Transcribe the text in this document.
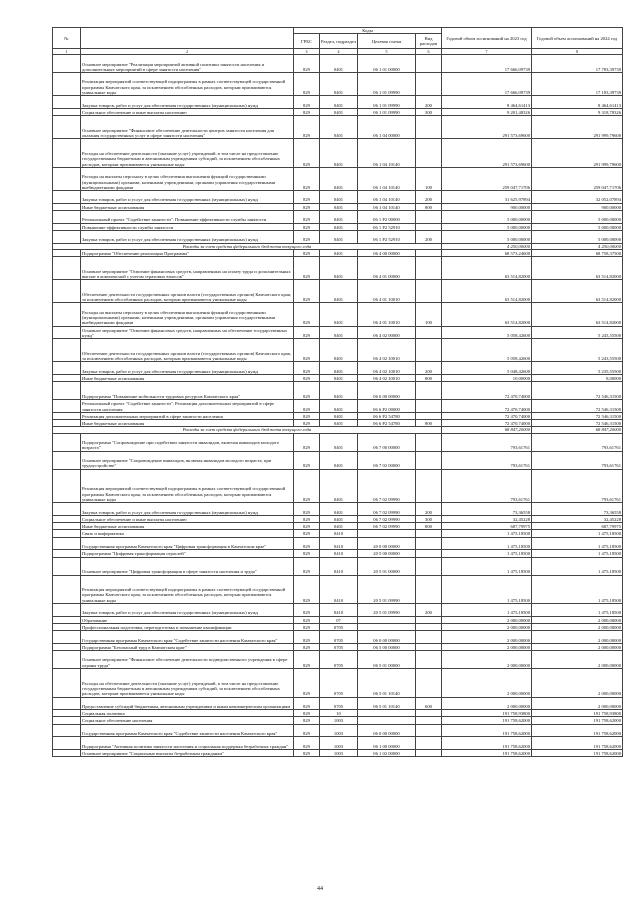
№		Коды				Годовой объем ассигнований на 2023 год	Годовой объем ассигнований на 2024 год
		ГРБС	Раздел, подраздел	Целевая статья	Вид расходов		
1	2	3	4	5	6	7	8
	Основное мероприятие "Реализация мероприятий активной политики занятости населения и дополнительных мероприятий в сфере занятости населения"	829	0401	06 1 01 00000		17 666,09739	17 783,39739
	Реализация мероприятий соответствующей подпрограммы в рамках соответствующей государственной программы Камчатского края, за исключением обособленных расходов, которым присваиваются уникальные коды	829	0401	06 1 01 09990		17 666,09739	17 183,39739
	Закупка товаров, работ и услуг для обеспечения государственных (муниципальных) нужд	829	0401	06 1 01 09990	200	8 464,61413	8 464,61413
	Социальное обеспечение и иные выплаты населению	829	0401	06 1 01 09990	300	9 201,48326	9 318,78326
	Основное мероприятие "Финансовое обеспечение деятельности центров занятости населения для оказания государственных услуг в сфере занятости населения"	829	0401	06 1 04 00000		291 573,69600	291 999,79600
	Расходы на обеспечение деятельности (оказание услуг) учреждений, в том числе на предоставление государственным бюджетным и автономным учреждениям субсидий, за исключением обособленных расходов, которым присваиваются уникальные коды	829	0401	06 1 04 10140		291 573,69600	291 999,79600
	Расходы на выплаты персоналу в целях обеспечения выполнения функций государственными (муниципальными) органами, казенными учреждениями, органами управления государственными внебюджетными фондами	829	0401	06 1 04 10140	100	259 047,71706	259 047,71706
	Закупка товаров, работ и услуг для обеспечения государственных (муниципальных) нужд	829	0401	06 1 04 10140	200	31 625,97894	32 052,07894
	Иные бюджетные ассигнования	829	0401	06 1 04 10140	800	900,00000	900,00000
	Региональный проект "Содействие занятости". Повышение эффективности службы занятости	829	0401	06 1 P2 00000		5 000,00000	5 000,00000
	Повышение эффективности службы занятости	829	0401	06 1 P2 52910		5 000,00000	5 000,00000
	Закупка товаров, работ и услуг для обеспечения государственных (муниципальных) нужд	829	0401	06 1 P2 52910	200	5 000,00000	5 000,00000
Расходы за счет средств федерального бюджета текущего года						4 250,00000	4 250,00000
	Подпрограмма "Обеспечение реализации Программы"	829	0401	06 4 00 00000		68 573,24600	68 758,37500
	Основное мероприятие "Освоение финансовых средств, направленных на оплату труда и дополнительных выплат в комплексной с учетом страховых взносов"	829	0401	06 4 01 00000		63 514,82000	63 514,82000
	Обеспечение деятельности государственных органов власти (государственных органов) Камчатского края, за исключением обособленных расходов, которым присваиваются уникальные коды	829	0401	06 4 01 10010		63 514,82000	63 514,82000
	Расходы на выплаты персоналу в целях обеспечения выполнения функций государственными (муниципальными) органами, казенными учреждениями, органами управления государственными внебюджетными фондами	829	0401	06 4 01 10010	100	63 514,82000	63 514,82000
	Основное мероприятие "Освоение финансовых средств, направленных на обеспечение государственных нужд"	829	0401	06 4 02 00000		5 058,42600	5 243,55500
	Обеспечение деятельности государственных органов власти (государственных органов) Камчатского края, за исключением обособленных расходов, которым присваиваются уникальные коды	829	0401	06 4 02 10010		5 058,42600	5 243,55500
	Закупка товаров, работ и услуг для обеспечения государственных (муниципальных) нужд	829	0401	06 4 02 10010	200	5 048,42600	5 235,55500
	Иные бюджетные ассигнования	829	0401	06 4 02 10010	800	10,00000	8,00000
	Подпрограмма "Повышение мобильности трудовых ресурсов Камчатского края"	829	0401	06 6 00 00000		72 470,74000	72 546,31500
	Региональный проект "Содействие занятости". Реализация дополнительных мероприятий в сфере занятости населения	829	0401	06 6 P2 00000		72 470,74000	72 546,31500
	Реализация дополнительных мероприятий в сфере занятости населения	829	0401	06 6 P2 54780		72 470,74000	72 546,31500
	Иные бюджетные ассигнования	829	0401	06 6 P2 54780	800	72 470,74000	72 546,31500
Расходы за счет средств федерального бюджета текущего года						68 847,20000	68 847,20000
	Подпрограмма "Сопровождение при содействии занятости инвалидов, включая инвалидов молодого возраста"	829	0401	06 7 00 00000		793,61761	793,61761
	Основное мероприятие "Сопровождение инвалидов, включая инвалидов молодого возраста, при трудоустройстве"	829	0401	06 7 02 00000		793,61761	793,61761
	Реализация мероприятий соответствующей подпрограммы в рамках соответствующей государственной программы Камчатского края, за исключением обособленных расходов, которым присваиваются уникальные коды	829	0401	06 7 02 09990		793,61761	793,61761
	Закупка товаров, работ и услуг для обеспечения государственных (муниципальных) нужд	829	0401	06 7 02 09990	200	73,36558	73,36558
	Социальное обеспечение и иные выплаты населению	829	0401	06 7 02 09990	300	32,45228	32,45228
	Иные бюджетные ассигнования	829	0401	06 7 02 09990	800	687,79975	687,79975
	Связь и информатика	829	0410			1 475,18500	1 475,18500
	Государственная программа Камчатского края "Цифровая трансформация в Камчатском крае"	829	0410	20 0 00 00000		1 475,18500	1 475,18500
	Подпрограмма "Цифровая трансформация отраслей"	829	0410	20 5 00 00000		1 475,18500	1 475,18500
	Основное мероприятие "Цифровая трансформация в сфере занятости населения и труда"	829	0410	20 5 01 00000		1 475,18500	1 475,18500
	Реализация мероприятий соответствующей подпрограммы в рамках соответствующей государственной программы Камчатского края, за исключением обособленных расходов, которым присваиваются уникальные коды	829	0410	20 5 01 09990		1 475,18500	1 475,18500
	Закупка товаров, работ и услуг для обеспечения государственных (муниципальных) нужд	829	0410	20 5 01 09990	200	1 475,18500	1 475,18500
	Образование	829	07			2 000,00000	2 000,00000
	Профессиональная подготовка, переподготовка и повышение квалификации	829	0705			2 000,00000	2 000,00000
	Государственная программа Камчатского края "Содействие занятости населения Камчатского края"	829	0705	06 0 00 00000		2 000,00000	2 000,00000
	Подпрограмма "Безопасный труд в Камчатском крае"	829	0705	06 5 00 00000		2 000,00000	2 000,00000
	Основное мероприятие "Финансовое обеспечение деятельности подведомственного учреждения в сфере охраны труда"	829	0705	06 5 01 00000		2 000,00000	2 000,00000
	Расходы на обеспечение деятельности (оказание услуг) учреждений, в том числе на предоставление государственным бюджетным и автономным учреждениям субсидий, за исключением обособленных расходов, которым присваиваются уникальные коды	829	0705	06 5 01 10140		2 000,00000	2 000,00000
	Предоставление субсидий бюджетным, автономным учреждениям и иным некоммерческим организациям	829	0705	06 5 01 10140	600	2 000,00000	2 000,00000
	Социальная политика	829	10			191 758,93800	191 758,93800
	Социальное обеспечение населения	829	1003			191 758,62000	191 758,62000
	Государственная программа Камчатского края "Содействие занятости населения Камчатского края"	829	1003	06 0 00 00000		191 758,62000	191 758,62000
	Подпрограмма "Активная политика занятости населения и социальная поддержка безработных граждан"	829	1003	06 1 00 00000		191 758,62000	191 758,62000
	Основное мероприятие "Социальные выплаты безработным гражданам"	829	1003	06 1 02 00000		191 758,62000	191 758,62000
44
